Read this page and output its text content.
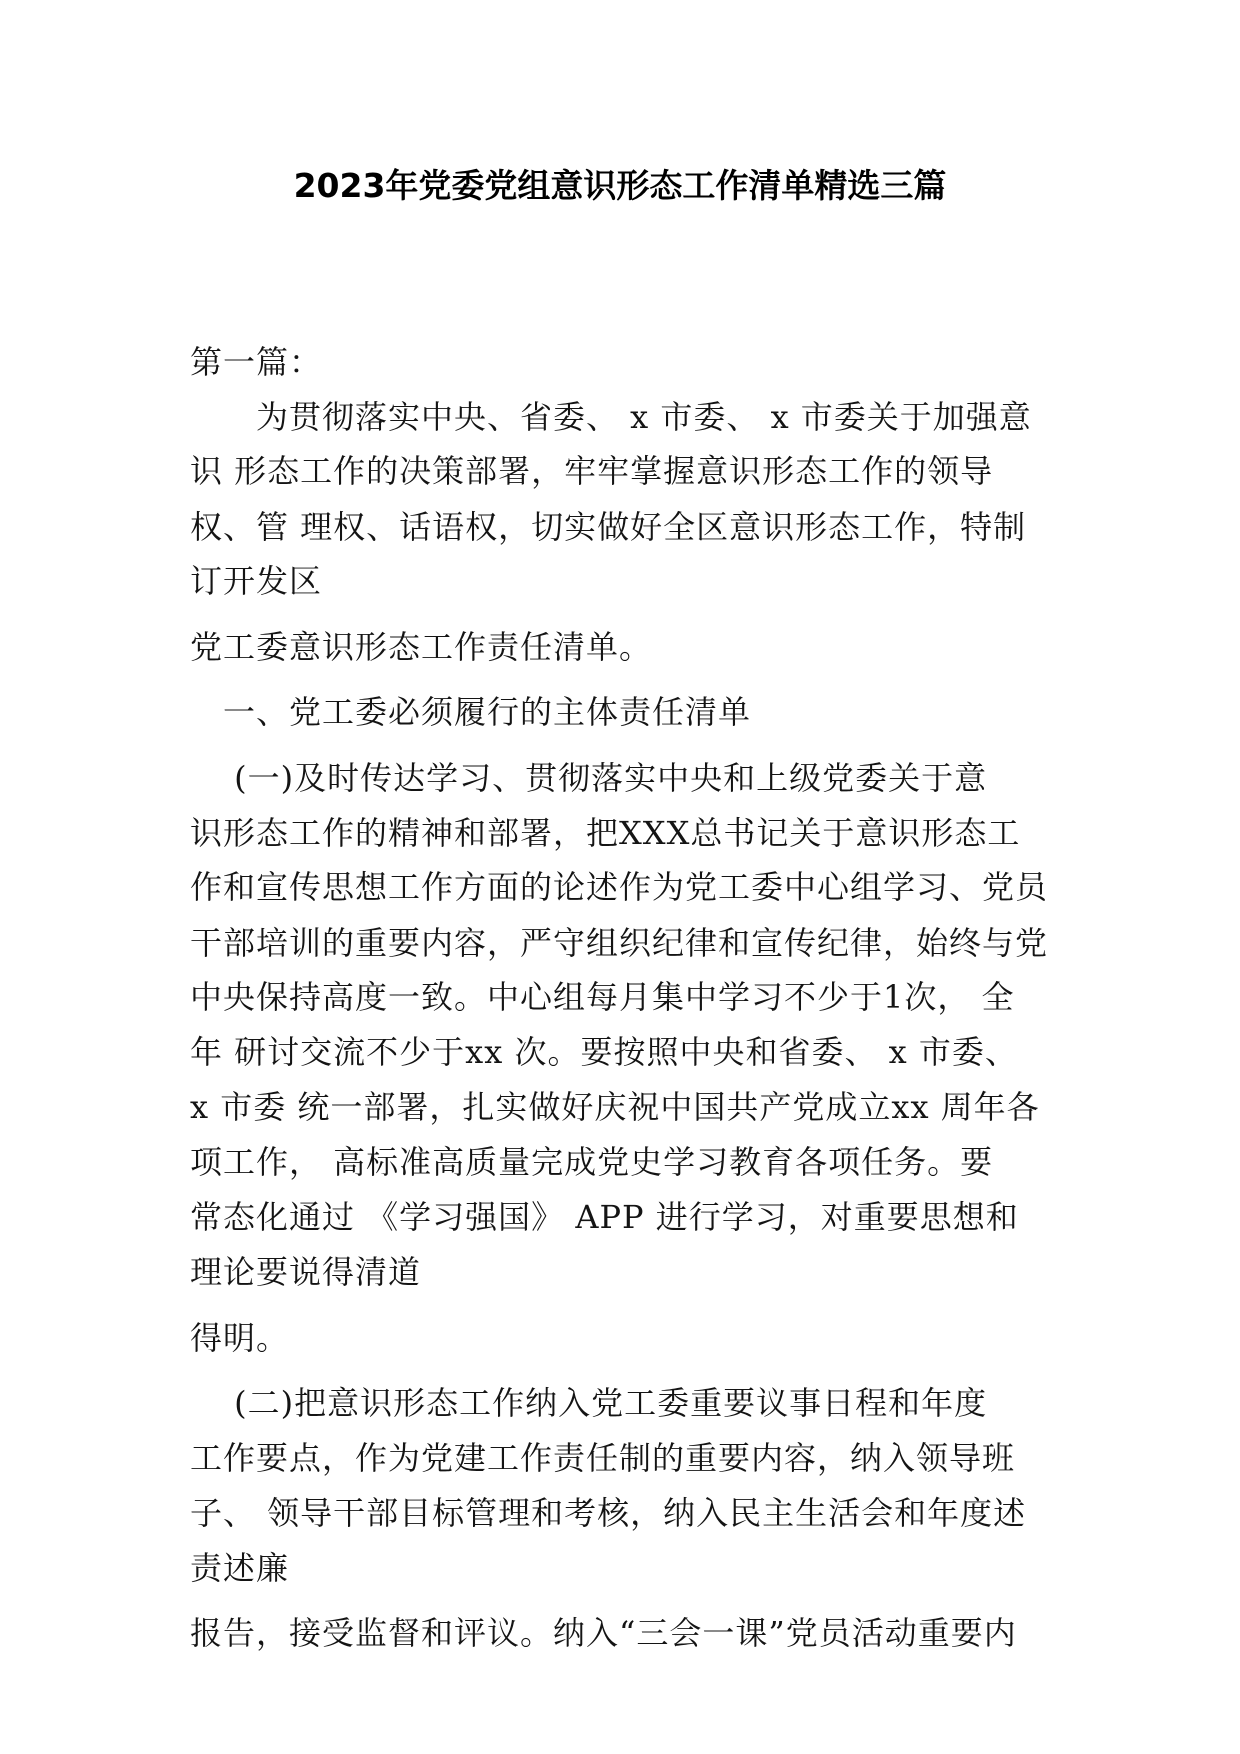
2023年党委党组意识形态工作清单精选三篇
第一篇：
　　为贯彻落实中央、省委、 x 市委、 x 市委关于加强意
识 形态工作的决策部署，牢牢掌握意识形态工作的领导
权、管 理权、话语权，切实做好全区意识形态工作，特制
订开发区
党工委意识形态工作责任清单。
　一、党工委必须履行的主体责任清单
　 (一)及时传达学习、贯彻落实中央和上级党委关于意
识形态工作的精神和部署，把XXX总书记关于意识形态工
作和宣传思想工作方面的论述作为党工委中心组学习、党员
干部培训的重要内容，严守组织纪律和宣传纪律，始终与党
中央保持高度一致。中心组每月集中学习不少于1次， 全
年 研讨交流不少于xx 次。要按照中央和省委、 x 市委、
x 市委 统一部署，扎实做好庆祝中国共产党成立xx 周年各
项工作， 高标准高质量完成党史学习教育各项任务。要
常态化通过 《学习强国》 APP 进行学习，对重要思想和
理论要说得清道
得明。
　 (二)把意识形态工作纳入党工委重要议事日程和年度
工作要点，作为党建工作责任制的重要内容，纳入领导班
子、 领导干部目标管理和考核，纳入民主生活会和年度述
责述廉
报告，接受监督和评议。纳入“三会一课”党员活动重要内
